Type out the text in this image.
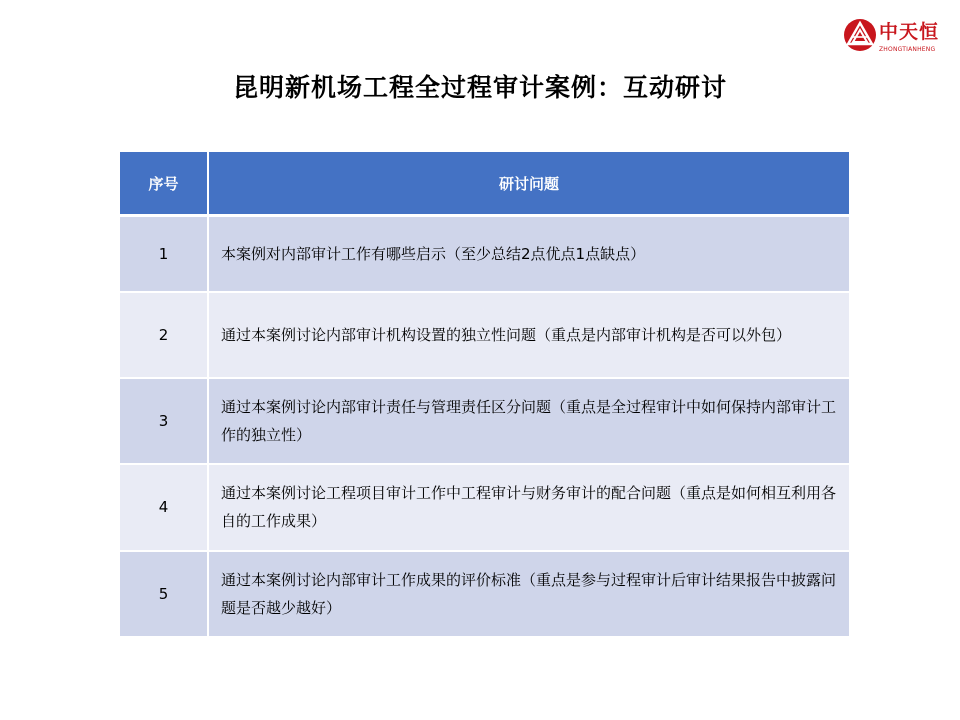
中天恒
ZHONGTIANHENG
昆明新机场工程全过程审计案例：互动研讨
序号	研讨问题
1	本案例对内部审计工作有哪些启示（至少总结2点优点1点缺点）
2	通过本案例讨论内部审计机构设置的独立性问题（重点是内部审计机构是否可以外包）
3	通过本案例讨论内部审计责任与管理责任区分问题（重点是全过程审计中如何保持内部审计工作的独立性）
4	通过本案例讨论工程项目审计工作中工程审计与财务审计的配合问题（重点是如何相互利用各自的工作成果）
5	通过本案例讨论内部审计工作成果的评价标准（重点是参与过程审计后审计结果报告中披露问题是否越少越好）
